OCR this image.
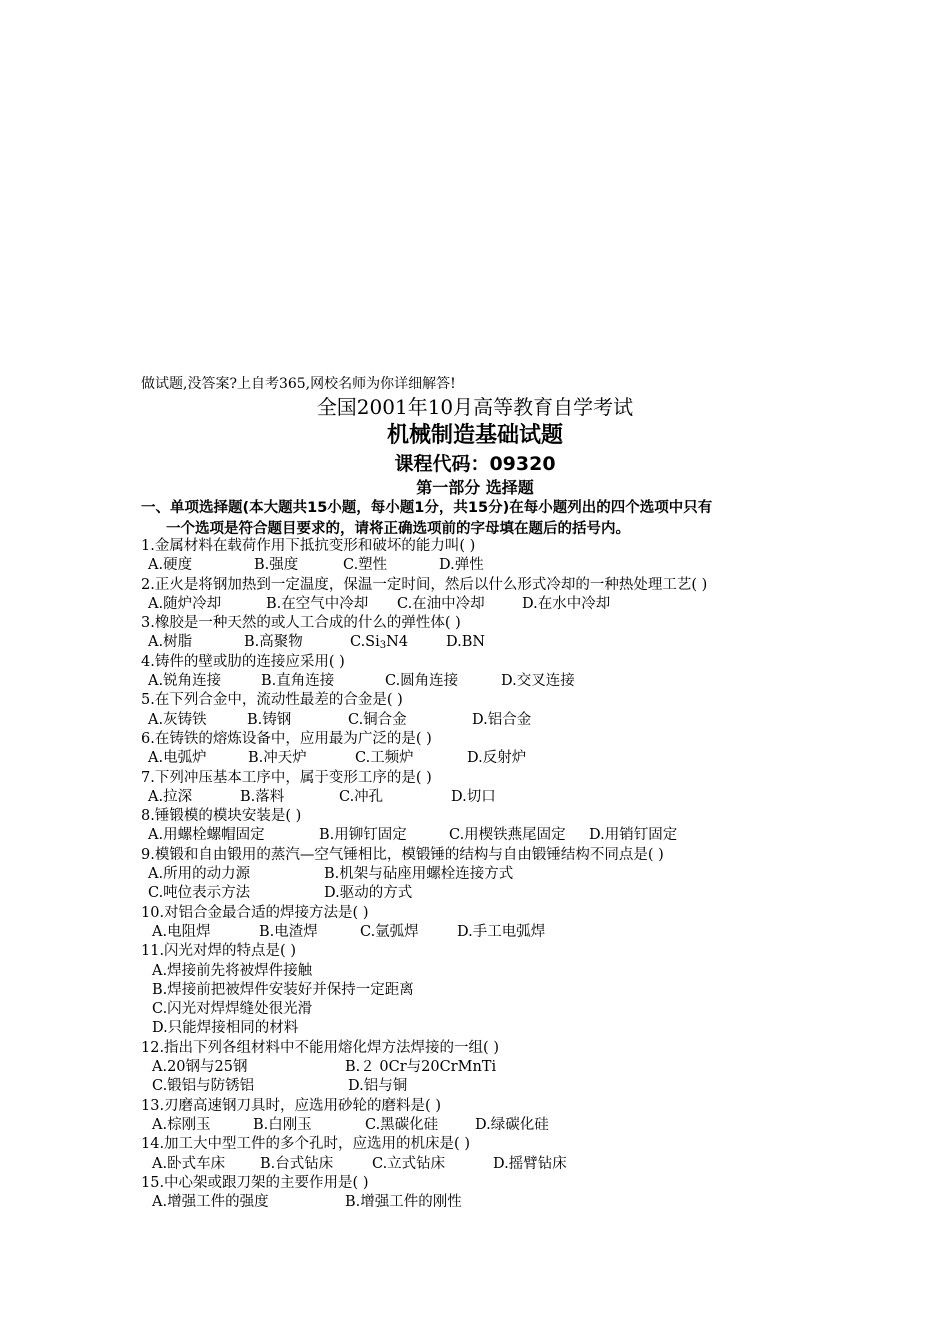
做试题,没答案?上自考365,网校名师为你详细解答!
全国2001年10月高等教育自学考试
机械制造基础试题
课程代码：09320
第一部分 选择题
一、单项选择题(本大题共15小题，每小题1分，共15分)在每小题列出的四个选项中只有
一个选项是符合题目要求的，请将正确选项前的字母填在题后的括号内。
1.金属材料在载荷作用下抵抗变形和破坏的能力叫( )
A.硬度	B.强度	C.塑性	D.弹性
2.正火是将钢加热到一定温度，保温一定时间，然后以什么形式冷却的一种热处理工艺( )
A.随炉冷却	B.在空气中冷却 C.在油中冷却	D.在水中冷却
3.橡胶是一种天然的或人工合成的什么的弹性体( )
A.树脂	B.高聚物	$C.Si_3N4$	D.BN
4.铸件的壁或肋的连接应采用( )
A.锐角连接	B.直角连接	C.圆角连接	D.交叉连接
5.在下列合金中，流动性最差的合金是( )
A.灰铸铁	B.铸钢	C.铜合金	D.铝合金
6.在铸铁的熔炼设备中，应用最为广泛的是( )
A.电弧炉	B.冲天炉	C.工频炉	D.反射炉
7.下列冲压基本工序中，属于变形工序的是( )
A.拉深	B.落料	C.冲孔	D.切口
8.锤锻模的模块安装是( )
A.用螺栓螺帽固定	B.用铆钉固定	C.用楔铁燕尾固定 D.用销钉固定
9.模锻和自由锻用的蒸汽—空气锤相比，模锻锤的结构与自由锻锤结构不同点是( )
A.所用的动力源	B.机架与砧座用螺栓连接方式
C.吨位表示方法	D.驱动的方式
10.对铝合金最合适的焊接方法是( )
A.电阻焊	B.电渣焊	C.氩弧焊	D.手工电弧焊
11.闪光对焊的特点是( )
A.焊接前先将被焊件接触
B.焊接前把被焊件安装好并保持一定距离
C.闪光对焊焊缝处很光滑
D.只能焊接相同的材料
12.指出下列各组材料中不能用熔化焊方法焊接的一组( )
A.20钢与25钢	B.２ 0Cr与20CrMnTi
C.锻铝与防锈铝	D.铝与铜
13.刃磨高速钢刀具时，应选用砂轮的磨料是( )
A.棕刚玉	B.白刚玉	C.黑碳化硅	D.绿碳化硅
14.加工大中型工件的多个孔时，应选用的机床是( )
A.卧式车床 B.台式钻床	C.立式钻床	D.摇臂钻床
15.中心架或跟刀架的主要作用是( )
A.增强工件的强度	B.增强工件的刚性
